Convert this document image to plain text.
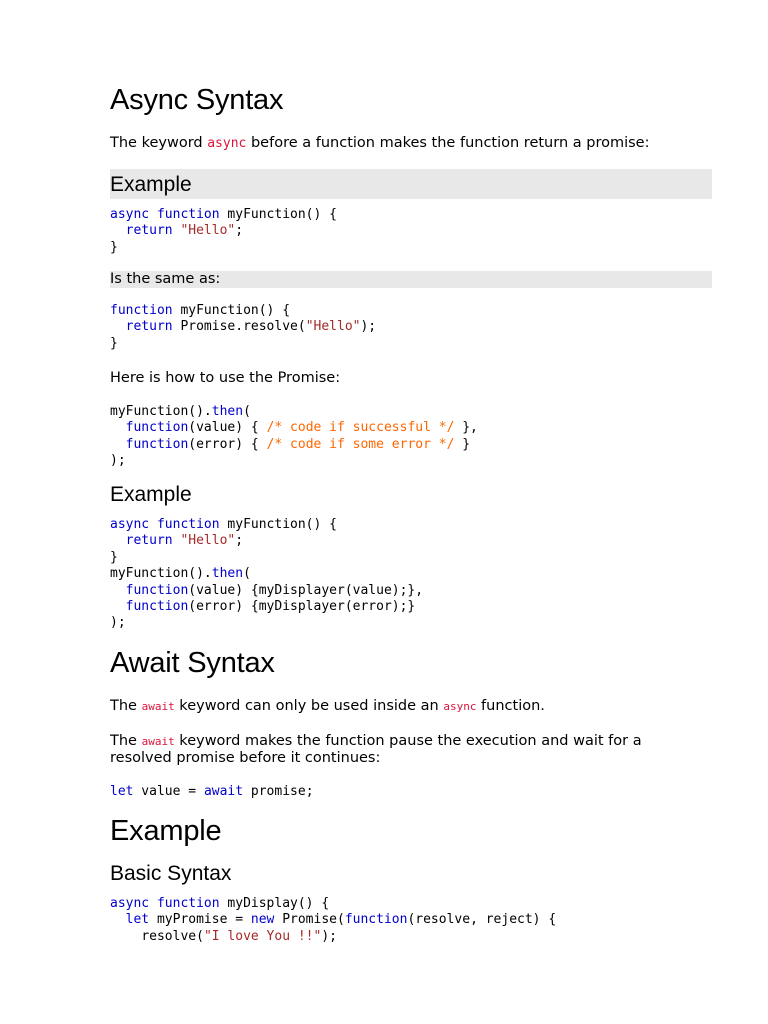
Async Syntax

The keyword async before a function makes the function return a promise:

Example
async function myFunction() {
return "Hello";
}
Is the same as:
function myFunction() {
return Promise.resolve("Hello");
}

Here is how to use the Promise:

myFunction().then(
function(value) { /* code if successful */ },
function(error) { /* code if some error */ }
);
Example
async function myFunction() {
return "Hello";
}
myFunction().then(
function(value) {myDisplayer(value);},
function(error) {myDisplayer(error);}
);
Await Syntax

The await keyword can only be used inside an async function.

The await keyword makes the function pause the execution and wait for a resolved promise before it continues:

let value = await promise;
Example
Basic Syntax
async function myDisplay() {
let myPromise = new Promise(function(resolve, reject) {
resolve("I love You !!");
